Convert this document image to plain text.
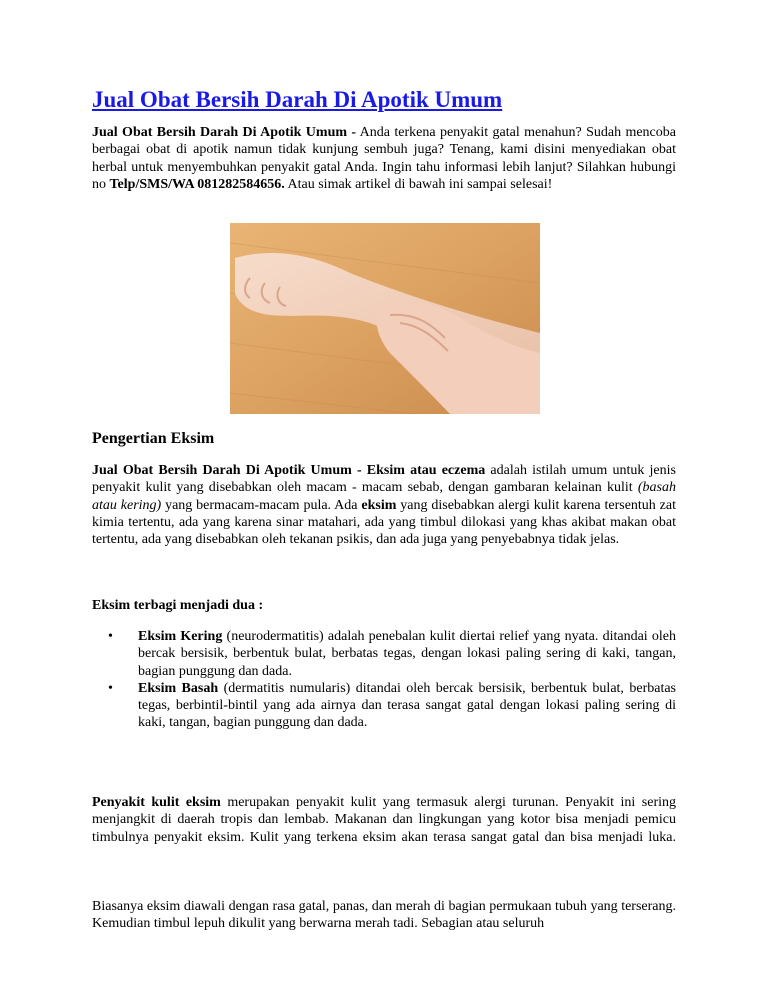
Jual Obat Bersih Darah Di Apotik Umum

Jual Obat Bersih Darah Di Apotik Umum - Anda terkena penyakit gatal menahun? Sudah mencoba berbagai obat di apotik namun tidak kunjung sembuh juga? Tenang, kami disini menyediakan obat herbal untuk menyembuhkan penyakit gatal Anda. Ingin tahu informasi lebih lanjut? Silahkan hubungi no Telp/SMS/WA 081282584656. Atau simak artikel di bawah ini sampai selesai!

Pengertian Eksim

Jual Obat Bersih Darah Di Apotik Umum - Eksim atau eczema adalah istilah umum untuk jenis penyakit kulit yang disebabkan oleh macam - macam sebab, dengan gambaran kelainan kulit (basah atau kering) yang bermacam-macam pula. Ada eksim yang disebabkan alergi kulit karena tersentuh zat kimia tertentu, ada yang karena sinar matahari, ada yang timbul dilokasi yang khas akibat makan obat tertentu, ada yang disebabkan oleh tekanan psikis, dan ada juga yang penyebabnya tidak jelas.

Eksim terbagi menjadi dua :

• Eksim Kering (neurodermatitis) adalah penebalan kulit diertai relief yang nyata. ditandai oleh bercak bersisik, berbentuk bulat, berbatas tegas, dengan lokasi paling sering di kaki, tangan, bagian punggung dan dada.
• Eksim Basah (dermatitis numularis) ditandai oleh bercak bersisik, berbentuk bulat, berbatas tegas, berbintil-bintil yang ada airnya dan terasa sangat gatal dengan lokasi paling sering di kaki, tangan, bagian punggung dan dada.

Penyakit kulit eksim merupakan penyakit kulit yang termasuk alergi turunan. Penyakit ini sering menjangkit di daerah tropis dan lembab. Makanan dan lingkungan yang kotor bisa menjadi pemicu timbulnya penyakit eksim. Kulit yang terkena eksim akan terasa sangat gatal dan bisa menjadi luka.

Biasanya eksim diawali dengan rasa gatal, panas, dan merah di bagian permukaan tubuh yang terserang. Kemudian timbul lepuh dikulit yang berwarna merah tadi. Sebagian atau seluruh
